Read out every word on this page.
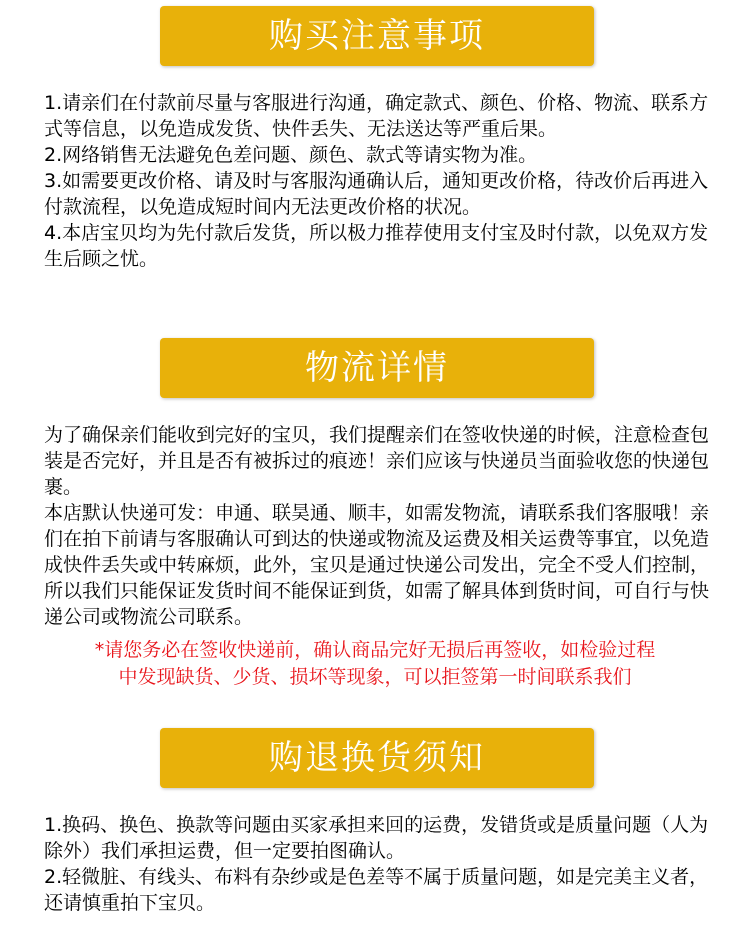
购买注意事项

1.请亲们在付款前尽量与客服进行沟通，确定款式、颜色、价格、物流、联系方式等信息，以免造成发货、快件丢失、无法送达等严重后果。

2.网络销售无法避免色差问题、颜色、款式等请实物为准。

3.如需要更改价格、请及时与客服沟通确认后，通知更改价格，待改价后再进入付款流程，以免造成短时间内无法更改价格的状况。

4.本店宝贝均为先付款后发货，所以极力推荐使用支付宝及时付款，以免双方发生后顾之忧。

物流详情

为了确保亲们能收到完好的宝贝，我们提醒亲们在签收快递的时候，注意检查包装是否完好，并且是否有被拆过的痕迹！亲们应该与快递员当面验收您的快递包裹。

本店默认快递可发：申通、联昊通、顺丰，如需发物流，请联系我们客服哦！亲们在拍下前请与客服确认可到达的快递或物流及运费及相关运费等事宜，以免造成快件丢失或中转麻烦，此外，宝贝是通过快递公司发出，完全不受人们控制，所以我们只能保证发货时间不能保证到货，如需了解具体到货时间，可自行与快递公司或物流公司联系。

*请您务必在签收快递前，确认商品完好无损后再签收，如检验过程

中发现缺货、少货、损坏等现象，可以拒签第一时间联系我们

购退换货须知

1.换码、换色、换款等问题由买家承担来回的运费，发错货或是质量问题（人为除外）我们承担运费，但一定要拍图确认。

2.轻微脏、有线头、布料有杂纱或是色差等不属于质量问题，如是完美主义者，还请慎重拍下宝贝。
